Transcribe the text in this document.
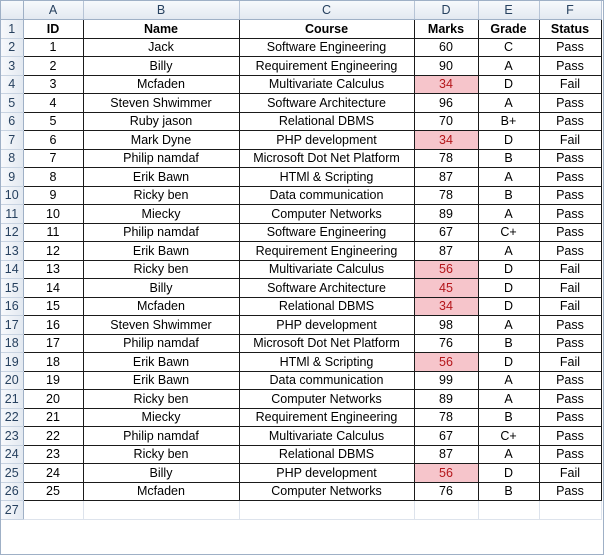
	A	B	C	D	E	F
1	ID	Name	Course	Marks	Grade	Status
2	1	Jack	Software Engineering	60	C	Pass
3	2	Billy	Requirement Engineering	90	A	Pass
4	3	Mcfaden	Multivariate Calculus	34	D	Fail
5	4	Steven Shwimmer	Software Architecture	96	A	Pass
6	5	Ruby jason	Relational DBMS	70	B+	Pass
7	6	Mark Dyne	PHP development	34	D	Fail
8	7	Philip namdaf	Microsoft Dot Net Platform	78	B	Pass
9	8	Erik Bawn	HTMl & Scripting	87	A	Pass
10	9	Ricky ben	Data communication	78	B	Pass
11	10	Miecky	Computer Networks	89	A	Pass
12	11	Philip namdaf	Software Engineering	67	C+	Pass
13	12	Erik Bawn	Requirement Engineering	87	A	Pass
14	13	Ricky ben	Multivariate Calculus	56	D	Fail
15	14	Billy	Software Architecture	45	D	Fail
16	15	Mcfaden	Relational DBMS	34	D	Fail
17	16	Steven Shwimmer	PHP development	98	A	Pass
18	17	Philip namdaf	Microsoft Dot Net Platform	76	B	Pass
19	18	Erik Bawn	HTMl & Scripting	56	D	Fail
20	19	Erik Bawn	Data communication	99	A	Pass
21	20	Ricky ben	Computer Networks	89	A	Pass
22	21	Miecky	Requirement Engineering	78	B	Pass
23	22	Philip namdaf	Multivariate Calculus	67	C+	Pass
24	23	Ricky ben	Relational DBMS	87	A	Pass
25	24	Billy	PHP development	56	D	Fail
26	25	Mcfaden	Computer Networks	76	B	Pass
27						
